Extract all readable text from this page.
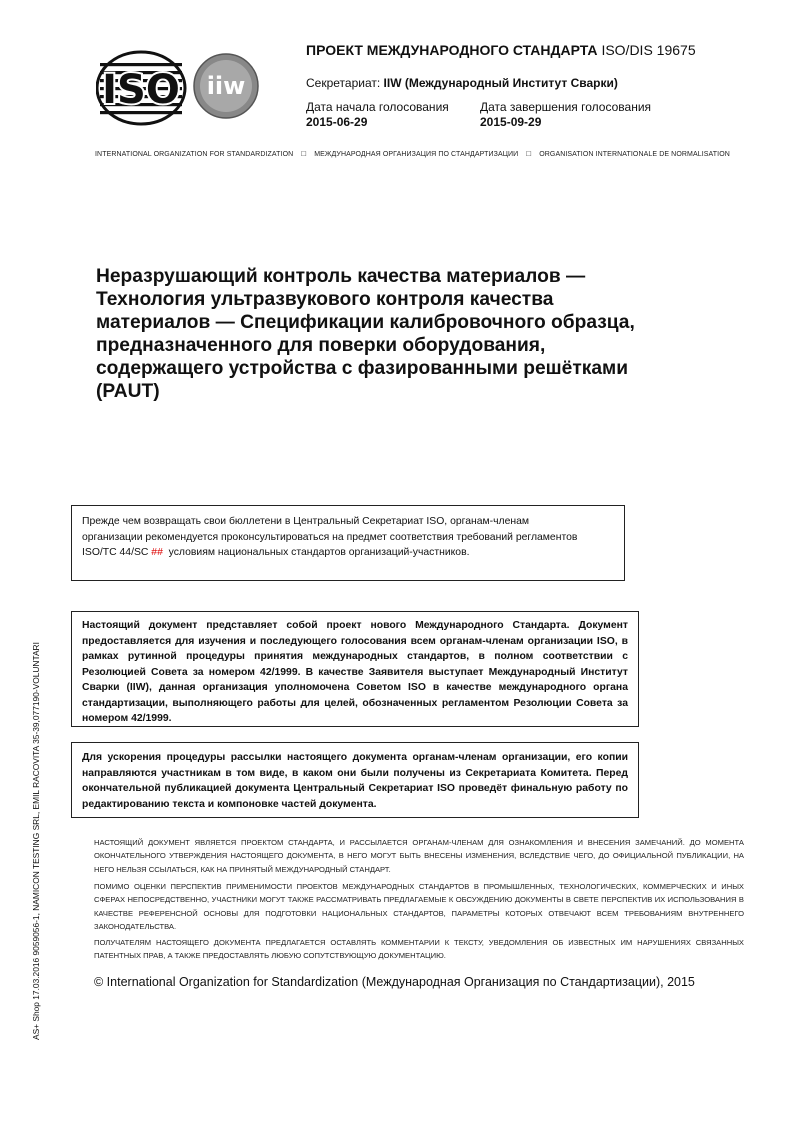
ISO iiw
ПРОЕКТ МЕЖДУНАРОДНОГО СТАНДАРТА ISO/DIS 19675
Секретариат: IIW (Международный Институт Сварки)
Дата начала голосования
2015-06-29
Дата завершения голосования
2015-09-29
INTERNATIONAL ORGANIZATION FOR STANDARDIZATION □ МЕЖДУНАРОДНАЯ ОРГАНИЗАЦИЯ ПО СТАНДАРТИЗАЦИИ □ ORGANISATION INTERNATIONALE DE NORMALISATION
Неразрушающий контроль качества материалов —
Технология ультразвукового контроля качества
материалов — Спецификации калибровочного образца,
предназначенного для поверки оборудования,
содержащего устройства с фазированными решётками
(PAUT)
Прежде чем возвращать свои бюллетени в Центральный Секретариат ISO, органам-членам
организации рекомендуется проконсультироваться на предмет соответствия требований регламентов
ISO/TC 44/SC ## условиям национальных стандартов организаций-участников.
Настоящий документ представляет собой проект нового Международного Стандарта. Документ предоставляется для изучения и последующего голосования всем органам-членам организации ISO, в рамках рутинной процедуры принятия международных стандартов, в полном соответствии с Резолюцией Совета за номером 42/1999. В качестве Заявителя выступает Международный Институт Сварки (IIW), данная организация уполномочена Советом ISO в качестве международного органа стандартизации, выполняющего работы для целей, обозначенных регламентом Резолюции Совета за номером 42/1999.
Для ускорения процедуры рассылки настоящего документа органам-членам организации, его копии направляются участникам в том виде, в каком они были получены из Секретариата Комитета. Перед окончательной публикацией документа Центральный Секретариат ISO проведёт финальную работу по редактированию текста и компоновке частей документа.
НАСТОЯЩИЙ ДОКУМЕНТ ЯВЛЯЕТСЯ ПРОЕКТОМ СТАНДАРТА, И РАССЫЛАЕТСЯ ОРГАНАМ-ЧЛЕНАМ ДЛЯ ОЗНАКОМЛЕНИЯ И ВНЕСЕНИЯ ЗАМЕЧАНИЙ. ДО МОМЕНТА ОКОНЧАТЕЛЬНОГО УТВЕРЖДЕНИЯ НАСТОЯЩЕГО ДОКУМЕНТА, В НЕГО МОГУТ БЫТЬ ВНЕСЕНЫ ИЗМЕНЕНИЯ, ВСЛЕДСТВИЕ ЧЕГО, ДО ОФИЦИАЛЬНОЙ ПУБЛИКАЦИИ, НА НЕГО НЕЛЬЗЯ ССЫЛАТЬСЯ, КАК НА ПРИНЯТЫЙ МЕЖДУНАРОДНЫЙ СТАНДАРТ.
ПОМИМО ОЦЕНКИ ПЕРСПЕКТИВ ПРИМЕНИМОСТИ ПРОЕКТОВ МЕЖДУНАРОДНЫХ СТАНДАРТОВ В ПРОМЫШЛЕННЫХ, ТЕХНОЛОГИЧЕСКИХ, КОММЕРЧЕСКИХ И ИНЫХ СФЕРАХ НЕПОСРЕДСТВЕННО, УЧАСТНИКИ МОГУТ ТАКЖЕ РАССМАТРИВАТЬ ПРЕДЛАГАЕМЫЕ К ОБСУЖДЕНИЮ ДОКУМЕНТЫ В СВЕТЕ ПЕРСПЕКТИВ ИХ ИСПОЛЬЗОВАНИЯ В КАЧЕСТВЕ РЕФЕРЕНСНОЙ ОСНОВЫ ДЛЯ ПОДГОТОВКИ НАЦИОНАЛЬНЫХ СТАНДАРТОВ, ПАРАМЕТРЫ КОТОРЫХ ОТВЕЧАЮТ ВСЕМ ТРЕБОВАНИЯМ ВНУТРЕННЕГО ЗАКОНОДАТЕЛЬСТВА.
ПОЛУЧАТЕЛЯМ НАСТОЯЩЕГО ДОКУМЕНТА ПРЕДЛАГАЕТСЯ ОСТАВЛЯТЬ КОММЕНТАРИИ К ТЕКСТУ, УВЕДОМЛЕНИЯ ОБ ИЗВЕСТНЫХ ИМ НАРУШЕНИЯХ СВЯЗАННЫХ ПАТЕНТНЫХ ПРАВ, А ТАКЖЕ ПРЕДОСТАВЛЯТЬ ЛЮБУЮ СОПУТСТВУЮЩУЮ ДОКУМЕНТАЦИЮ.
© International Organization for Standardization (Международная Организация по Стандартизации), 2015
AS+ Shop 17.03.2016 9059056-1, NAMICON TESTING SRL, EMIL RACOVITA 35-39,077190-VOLUNTARI
